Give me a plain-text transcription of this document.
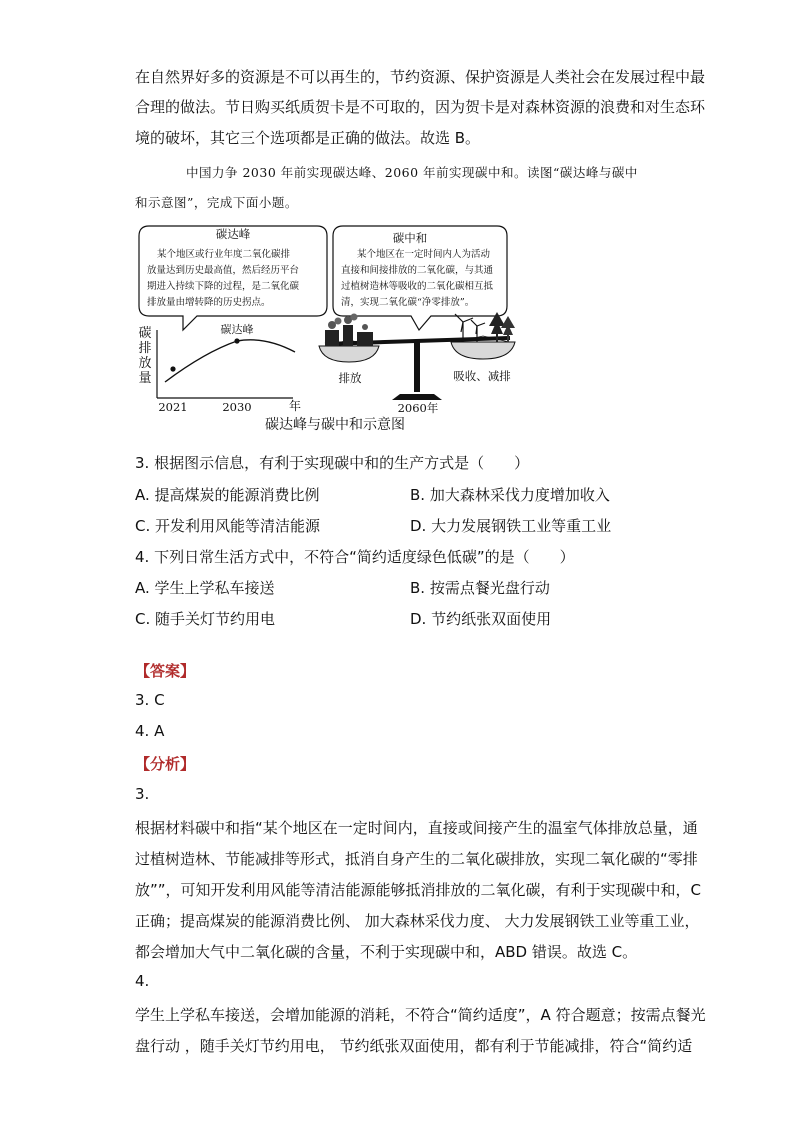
在自然界好多的资源是不可以再生的，节约资源、保护资源是人类社会在发展过程中最
合理的做法。节日购买纸质贺卡是不可取的，因为贺卡是对森林资源的浪费和对生态环
境的破坏，其它三个选项都是正确的做法。故选 B。
中国力争 2030 年前实现碳达峰、2060 年前实现碳中和。读图“碳达峰与碳中
和示意图”，完成下面小题。
碳达峰
某个地区或行业年度二氧化碳排
放量达到历史最高值，然后经历平台
期进入持续下降的过程，是二氧化碳
排放量由增转降的历史拐点。
碳中和
某个地区在一定时间内人为活动
直接和间接排放的二氧化碳，与其通
过植树造林等吸收的二氧化碳相互抵
清，实现二氧化碳“净零排放”。
碳
排
放
量
碳达峰
2021	2030	年
排放	吸收、减排
2060年
碳达峰与碳中和示意图
3. 根据图示信息，有利于实现碳中和的生产方式是（　　）
A. 提高煤炭的能源消费比例	B. 加大森林采伐力度增加收入
C. 开发利用风能等清洁能源	D. 大力发展钢铁工业等重工业
4. 下列日常生活方式中，不符合“简约适度绿色低碳”的是（　　）
A. 学生上学私车接送	B. 按需点餐光盘行动
C. 随手关灯节约用电	D. 节约纸张双面使用
【答案】
3. C
4. A
【分析】
3.
根据材料碳中和指“某个地区在一定时间内，直接或间接产生的温室气体排放总量，通
过植树造林、节能减排等形式，抵消自身产生的二氧化碳排放，实现二氧化碳的“零排
放””，可知开发利用风能等清洁能源能够抵消排放的二氧化碳，有利于实现碳中和，C
正确；提高煤炭的能源消费比例、 加大森林采伐力度、 大力发展钢铁工业等重工业，
都会增加大气中二氧化碳的含量，不利于实现碳中和，ABD 错误。故选 C。
4.
学生上学私车接送，会增加能源的消耗，不符合“简约适度”，A 符合题意；按需点餐光
盘行动 ，随手关灯节约用电， 节约纸张双面使用，都有利于节能减排，符合“简约适
